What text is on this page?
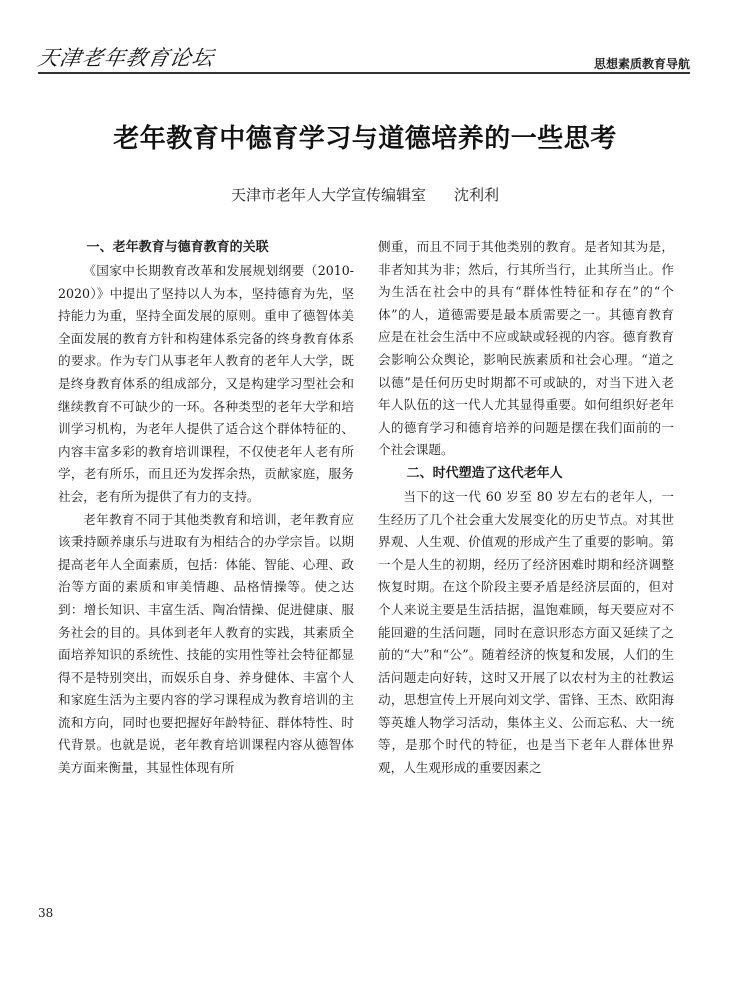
天津老年教育论坛	思想素质教育导航
老年教育中德育学习与道德培养的一些思考
天津市老年人大学宣传编辑室 沈利利
一、老年教育与德育教育的关联

《国家中长期教育改革和发展规划纲要（2010-2020）》中提出了坚持以人为本，坚持德育为先，坚持能力为重，坚持全面发展的原则。重申了德智体美全面发展的教育方针和构建体系完备的终身教育体系的要求。作为专门从事老年人教育的老年人大学，既是终身教育体系的组成部分，又是构建学习型社会和继续教育不可缺少的一环。各种类型的老年大学和培训学习机构，为老年人提供了适合这个群体特征的、内容丰富多彩的教育培训课程，不仅使老年人老有所学，老有所乐，而且还为发挥余热，贡献家庭，服务社会，老有所为提供了有力的支持。

老年教育不同于其他类教育和培训，老年教育应该秉持颐养康乐与进取有为相结合的办学宗旨。以期提高老年人全面素质，包括：体能、智能、心理、政治等方面的素质和审美情趣、品格情操等。使之达到：增长知识、丰富生活、陶冶情操、促进健康、服务社会的目的。具体到老年人教育的实践，其素质全面培养知识的系统性、技能的实用性等社会特征都显得不是特别突出，而娱乐自身、养身健体、丰富个人和家庭生活为主要内容的学习课程成为教育培训的主流和方向，同时也要把握好年龄特征、群体特性、时代背景。也就是说，老年教育培训课程内容从德智体美方面来衡量，其显性体现有所

侧重，而且不同于其他类别的教育。是者知其为是，非者知其为非；然后，行其所当行，止其所当止。作为生活在社会中的具有“群体性特征和存在”的“个体”的人，道德需要是最本质需要之一。其德育教育应是在社会生活中不应或缺或轻视的内容。德育教育会影响公众舆论，影响民族素质和社会心理。“道之以德”是任何历史时期都不可或缺的，对当下进入老年人队伍的这一代人尤其显得重要。如何组织好老年人的德育学习和德育培养的问题是摆在我们面前的一个社会课题。

二、时代塑造了这代老年人

当下的这一代 60 岁至 80 岁左右的老年人，一生经历了几个社会重大发展变化的历史节点。对其世界观、人生观、价值观的形成产生了重要的影响。第一个是人生的初期，经历了经济困难时期和经济调整恢复时期。在这个阶段主要矛盾是经济层面的，但对个人来说主要是生活拮据，温饱难顾，每天要应对不能回避的生活问题，同时在意识形态方面又延续了之前的“大”和“公”。随着经济的恢复和发展，人们的生活问题走向好转，这时又开展了以农村为主的社教运动，思想宣传上开展向刘文学、雷锋、王杰、欧阳海等英雄人物学习活动，集体主义、公而忘私、大一统等，是那个时代的特征，也是当下老年人群体世界观，人生观形成的重要因素之

38
